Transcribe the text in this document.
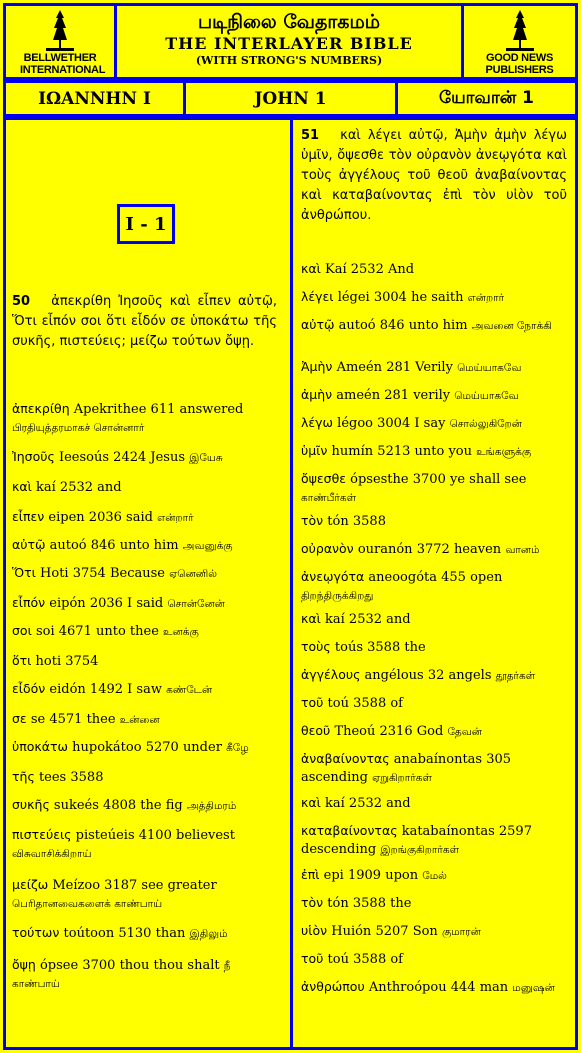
BELLWETHER INTERNATIONAL
படிநிலை வேதாகமம்
THE INTERLAYER BIBLE
(WITH STRONG'S NUMBERS)	GOOD NEWS PUBLISHERS
ΙΩΑΝΝΗΝ Ι	JOHN 1	யோவான் 1
I - 1
50 ἀπεκρίθη Ἰησοῦς καὶ εἶπεν αὐτῷ, Ὅτι εἶπόν σοι ὅτι εἶδόν σε ὑποκάτω τῆς συκῆς, πιστεύεις; μείζω τούτων ὄψῃ.
ἀπεκρίθη Apekrithee 611 answered பிரதியுத்தரமாகச் சொன்னார்
Ἰησοῦς Ieesoús 2424 Jesus இயேசு
καὶ kaí 2532 and
εἶπεν eipen 2036 said என்றார்
αὐτῷ autoó 846 unto him அவனுக்கு
Ὅτι Hoti 3754 Because ஏனெனில்
εἶπόν eipón 2036 I said சொன்னேன்
σοι soi 4671 unto thee உனக்கு
ὅτι hoti 3754
εἶδόν eidón 1492 I saw கண்டேன்
σε se 4571 thee உன்னை
ὑποκάτω hupokátoo 5270 under கீழே
τῆς tees 3588
συκῆς sukeés 4808 the fig அத்திமரம்
πιστεύεις pisteúeis 4100 believest விசுவாசிக்கிறாய்
μείζω Meízoo 3187 see greater பெரிதானவைகளைக் காண்பாய்
τούτων toútoon 5130 than இதிலும்
ὄψῃ ópsee 3700 thou thou shalt நீ காண்பாய்
51 καὶ λέγει αὐτῷ, Ἀμὴν ἀμὴν λέγω ὑμῖν, ὄψεσθε τὸν οὐρανὸν ἀνεῳγότα καὶ τοὺς ἀγγέλους τοῦ θεοῦ ἀναβαίνοντας καὶ καταβαίνοντας ἐπὶ τὸν υἱὸν τοῦ ἀνθρώπου.
καὶ Kaí 2532 And
λέγει légei 3004 he saith என்றார்
αὐτῷ autoó 846 unto him அவனை நோக்கி
Ἀμὴν Ameén 281 Verily மெய்யாகவே
ἀμὴν ameén 281 verily மெய்யாகவே
λέγω légoo 3004 I say சொல்லுகிறேன்
ὑμῖν humín 5213 unto you உங்களுக்கு
ὄψεσθε ópsesthe 3700 ye shall see காண்பீர்கள்
τὸν tón 3588
οὐρανὸν ouranón 3772 heaven வானம்
ἀνεῳγότα aneoogóta 455 open திறந்திருக்கிறது
καὶ kaí 2532 and
τοὺς toús 3588 the
ἀγγέλους angélous 32 angels தூதர்கள்
τοῦ toú 3588 of
θεοῦ Theoú 2316 God தேவன்
ἀναβαίνοντας anabaínontas 305 ascending ஏறுகிறார்கள்
καὶ kaí 2532 and
καταβαίνοντας katabaínontas 2597 descending இறங்குகிறார்கள்
ἐπὶ epi 1909 upon மேல்
τὸν tón 3588 the
υἱὸν Huión 5207 Son குமாரன்
τοῦ toú 3588 of
ἀνθρώπου Anthroópou 444 man மனுஷன்
